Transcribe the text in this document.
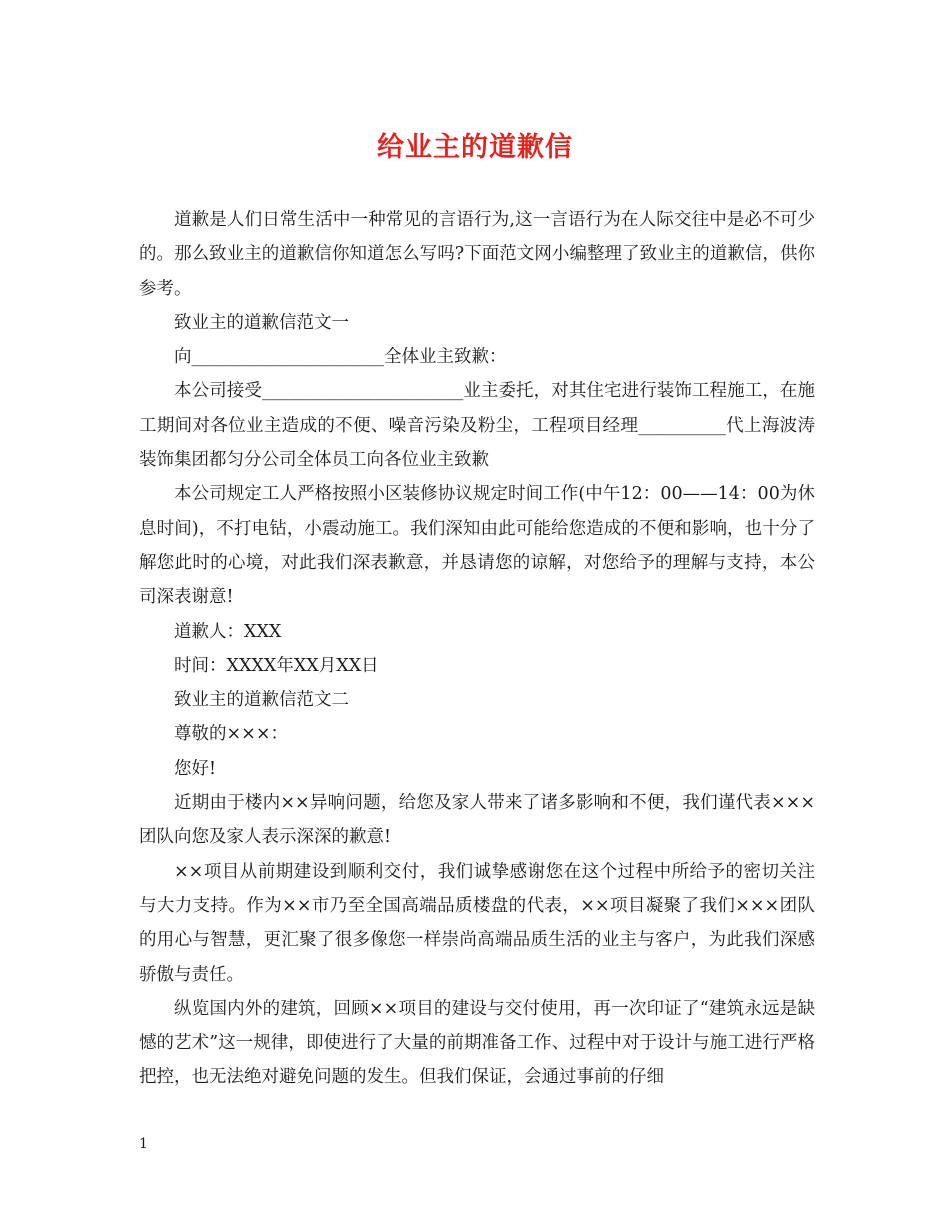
给业主的道歉信

道歉是人们日常生活中一种常见的言语行为,这一言语行为在人际交往中是必不可少的。那么致业主的道歉信你知道怎么写吗?下面范文网小编整理了致业主的道歉信，供你参考。

致业主的道歉信范文一

向______________________全体业主致歉：

本公司接受_______________________业主委托，对其住宅进行装饰工程施工，在施工期间对各位业主造成的不便、噪音污染及粉尘，工程项目经理__________代上海波涛装饰集团都匀分公司全体员工向各位业主致歉

本公司规定工人严格按照小区装修协议规定时间工作(中午12：00——14：00为休息时间)，不打电钻，小震动施工。我们深知由此可能给您造成的不便和影响，也十分了解您此时的心境，对此我们深表歉意，并恳请您的谅解，对您给予的理解与支持，本公司深表谢意!

道歉人：XXX

时间：XXXX年XX月XX日

致业主的道歉信范文二

尊敬的×××：

您好!

近期由于楼内××异响问题，给您及家人带来了诸多影响和不便，我们谨代表×××团队向您及家人表示深深的歉意!

××项目从前期建设到顺利交付，我们诚挚感谢您在这个过程中所给予的密切关注与大力支持。作为××市乃至全国高端品质楼盘的代表，××项目凝聚了我们×××团队的用心与智慧，更汇聚了很多像您一样崇尚高端品质生活的业主与客户，为此我们深感骄傲与责任。

纵览国内外的建筑，回顾××项目的建设与交付使用，再一次印证了“建筑永远是缺憾的艺术”这一规律，即使进行了大量的前期准备工作、过程中对于设计与施工进行严格把控，也无法绝对避免问题的发生。但我们保证，会通过事前的仔细

1
